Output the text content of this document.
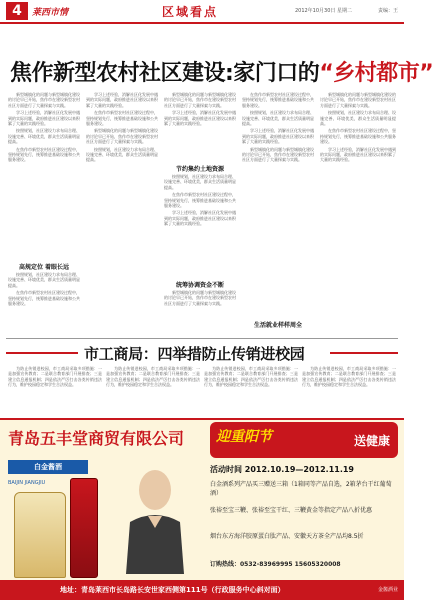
4	莱西市情	区域看点	2012年10月30日 星期二	责编：王
焦作新型农村社区建设:家门口的“乡村都市”

新型城镇化的问题与新型城镇化建设的讨论早已开始，焦作市在建设新型农村社区方面进行了大量探索与实践。

学习上述经验，消解社区化发展中遇到的实际问题，政府推进社区建设以来积累了大量的实践经验。

按照规划，社区建设力求布局合理、设施完善、环境优美，群众生活质量明显提高。

在焦作市新型农村社区建设过程中，坚持规划先行，统筹推进基础设施和公共服务建设。

高规定位 着眼长远

按照规划，社区建设力求布局合理、设施完善、环境优美，群众生活质量明显提高。

在焦作市新型农村社区建设过程中，坚持规划先行，统筹推进基础设施和公共服务建设。

学习上述经验，消解社区化发展中遇到的实际问题，政府推进社区建设以来积累了大量的实践经验。

在焦作市新型农村社区建设过程中，坚持规划先行，统筹推进基础设施和公共服务建设。

新型城镇化的问题与新型城镇化建设的讨论早已开始，焦作市在建设新型农村社区方面进行了大量探索与实践。

按照规划，社区建设力求布局合理、设施完善、环境优美，群众生活质量明显提高。

新型城镇化的问题与新型城镇化建设的讨论早已开始，焦作市在建设新型农村社区方面进行了大量探索与实践。

学习上述经验，消解社区化发展中遇到的实际问题，政府推进社区建设以来积累了大量的实践经验。

节约集约土地资源

按照规划，社区建设力求布局合理、设施完善、环境优美，群众生活质量明显提高。

在焦作市新型农村社区建设过程中，坚持规划先行，统筹推进基础设施和公共服务建设。

学习上述经验，消解社区化发展中遇到的实际问题，政府推进社区建设以来积累了大量的实践经验。

统筹协调资金不断

新型城镇化的问题与新型城镇化建设的讨论早已开始，焦作市在建设新型农村社区方面进行了大量探索与实践。

在焦作市新型农村社区建设过程中，坚持规划先行，统筹推进基础设施和公共服务建设。

按照规划，社区建设力求布局合理、设施完善、环境优美，群众生活质量明显提高。

学习上述经验，消解社区化发展中遇到的实际问题，政府推进社区建设以来积累了大量的实践经验。

新型城镇化的问题与新型城镇化建设的讨论早已开始，焦作市在建设新型农村社区方面进行了大量探索与实践。

生活就业样样周全

新型城镇化的问题与新型城镇化建设的讨论早已开始，焦作市在建设新型农村社区方面进行了大量探索与实践。

按照规划，社区建设力求布局合理、设施完善、环境优美，群众生活质量明显提高。

在焦作市新型农村社区建设过程中，坚持规划先行，统筹推进基础设施和公共服务建设。

学习上述经验，消解社区化发展中遇到的实际问题，政府推进社区建设以来积累了大量的实践经验。

市工商局：四举措防止传销进校园

为防止传销进校园，市工商局采取多项措施：一是加强宣传教育；二是联合教育部门开展排查；三是建立信息通报机制；四是依法严厉打击各类传销违法行为，维护校园稳定和学生合法权益。

为防止传销进校园，市工商局采取多项措施：一是加强宣传教育；二是联合教育部门开展排查；三是建立信息通报机制；四是依法严厉打击各类传销违法行为，维护校园稳定和学生合法权益。

为防止传销进校园，市工商局采取多项措施：一是加强宣传教育；二是联合教育部门开展排查；三是建立信息通报机制；四是依法严厉打击各类传销违法行为，维护校园稳定和学生合法权益。

为防止传销进校园，市工商局采取多项措施：一是加强宣传教育；二是联合教育部门开展排查；三是建立信息通报机制；四是依法严厉打击各类传销违法行为，维护校园稳定和学生合法权益。

青岛五丰堂商贸有限公司 迎重阳节	送健康
白金酱酒
BAIJIN JIANGJIU
活动时间 2012.10.19—2012.11.19
白金酒系列产品买三赠送三箱（1箱同等产品自选，2箱茅台干红葡萄酒）
张裕至宝三鞭、张裕至宝干红、三鞭黄金等指定产品八折优惠
烟台东方海洋胶原蛋白肽产品、安徽天方茶全产品均8.5折
订购热线：0532-83969995 15605320008
地址：青岛莱西市长岛路长安世家西侧第111号（行政服务中心斜对面）	金酱酒业
